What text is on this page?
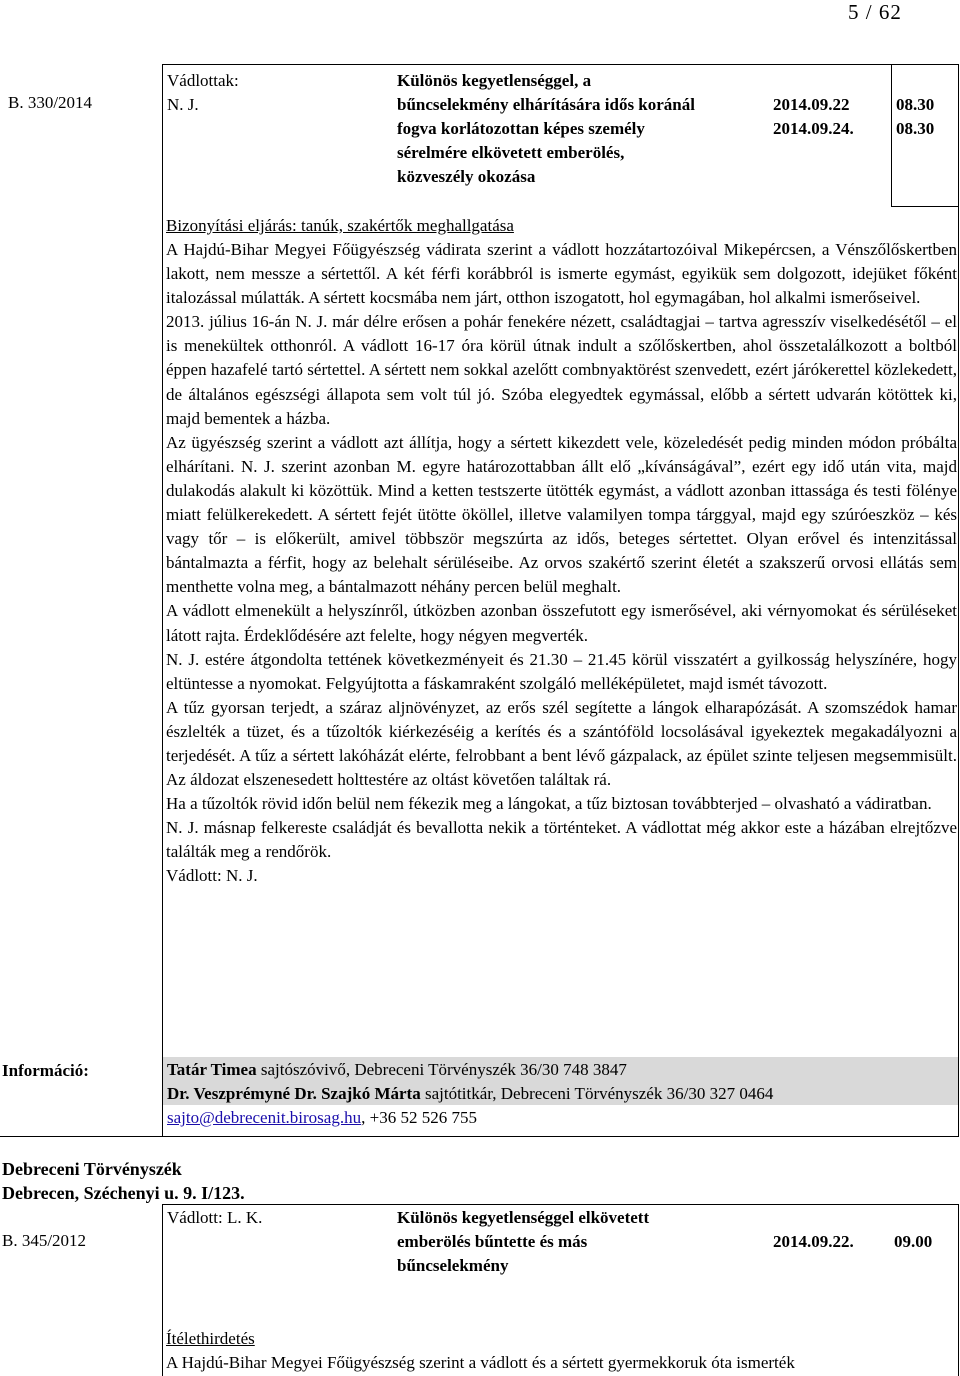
5 / 62
B. 330/2014
Vádlottak:
N. J.
Különös kegyetlenséggel, a
bűncselekmény elhárítására idős koránál
fogva korlátozottan képes személy
sérelmére elkövetett emberölés,
közveszély okozása
2014.09.22
2014.09.24.
08.30
08.30
Bizonyítási eljárás: tanúk, szakértők meghallgatása

A Hajdú-Bihar Megyei Főügyészség vádirata szerint a vádlott hozzátartozóival Mikepércsen, a Vénszőlőskertben lakott, nem messze a sértettől. A két férfi korábbról is ismerte egymást, egyikük sem dolgozott, idejüket főként italozással múlatták. A sértett kocsmába nem járt, otthon iszogatott, hol egymagában, hol alkalmi ismerőseivel.

2013. július 16-án N. J. már délre erősen a pohár fenekére nézett, családtagjai – tartva agresszív viselkedésétől – el is menekültek otthonról. A vádlott 16-17 óra körül útnak indult a szőlőskertben, ahol összetalálkozott a boltból éppen hazafelé tartó sértettel. A sértett nem sokkal azelőtt combnyaktörést szenvedett, ezért járókerettel közlekedett, de általános egészségi állapota sem volt túl jó. Szóba elegyedtek egymással, előbb a sértett udvarán kötöttek ki, majd bementek a házba.

Az ügyészség szerint a vádlott azt állítja, hogy a sértett kikezdett vele, közeledését pedig minden módon próbálta elhárítani. N. J. szerint azonban M. egyre határozottabban állt elő „kívánságával”, ezért egy idő után vita, majd dulakodás alakult ki közöttük. Mind a ketten testszerte ütötték egymást, a vádlott azonban ittassága és testi fölénye miatt felülkerekedett. A sértett fejét ütötte ököllel, illetve valamilyen tompa tárggyal, majd egy szúróeszköz – kés vagy tőr – is előkerült, amivel többször megszúrta az idős, beteges sértettet. Olyan erővel és intenzitással bántalmazta a férfit, hogy az belehalt sérüléseibe. Az orvos szakértő szerint életét a szakszerű orvosi ellátás sem menthette volna meg, a bántalmazott néhány percen belül meghalt.

A vádlott elmenekült a helyszínről, útközben azonban összefutott egy ismerősével, aki vérnyomokat és sérüléseket látott rajta. Érdeklődésére azt felelte, hogy négyen megverték.

N. J. estére átgondolta tettének következményeit és 21.30 – 21.45 körül visszatért a gyilkosság helyszínére, hogy eltüntesse a nyomokat. Felgyújtotta a fáskamraként szolgáló melléképületet, majd ismét távozott.

A tűz gyorsan terjedt, a száraz aljnövényzet, az erős szél segítette a lángok elharapózását. A szomszédok hamar észlelték a tüzet, és a tűzoltók kiérkezéséig a kerítés és a szántóföld locsolásával igyekeztek megakadályozni a terjedését. A tűz a sértett lakóházát elérte, felrobbant a bent lévő gázpalack, az épület szinte teljesen megsemmisült. Az áldozat elszenesedett holttestére az oltást követően találtak rá.

Ha a tűzoltók rövid időn belül nem fékezik meg a lángokat, a tűz biztosan továbbterjed – olvasható a vádiratban.

N. J. másnap felkereste családját és bevallotta nekik a történteket. A vádlottat még akkor este a házában elrejtőzve találták meg a rendőrök.

Vádlott: N. J.

Információ:	Tatár Timea sajtószóvivő, Debreceni Törvényszék 36/30 748 3847
Dr. Veszprémyné Dr. Szajkó Márta sajtótitkár, Debreceni Törvényszék 36/30 327 0464
sajto@debrecenit.birosag.hu, +36 52 526 755
Debreceni Törvényszék
Debrecen, Széchenyi u. 9. I/123.
B. 345/2012
Vádlott: L. K.	Különös kegyetlenséggel elkövetett
emberölés bűntette és más
bűncselekmény
2014.09.22. 09.00
Ítélethirdetés
A Hajdú-Bihar Megyei Főügyészség szerint a vádlott és a sértett gyermekkoruk óta ismerték
